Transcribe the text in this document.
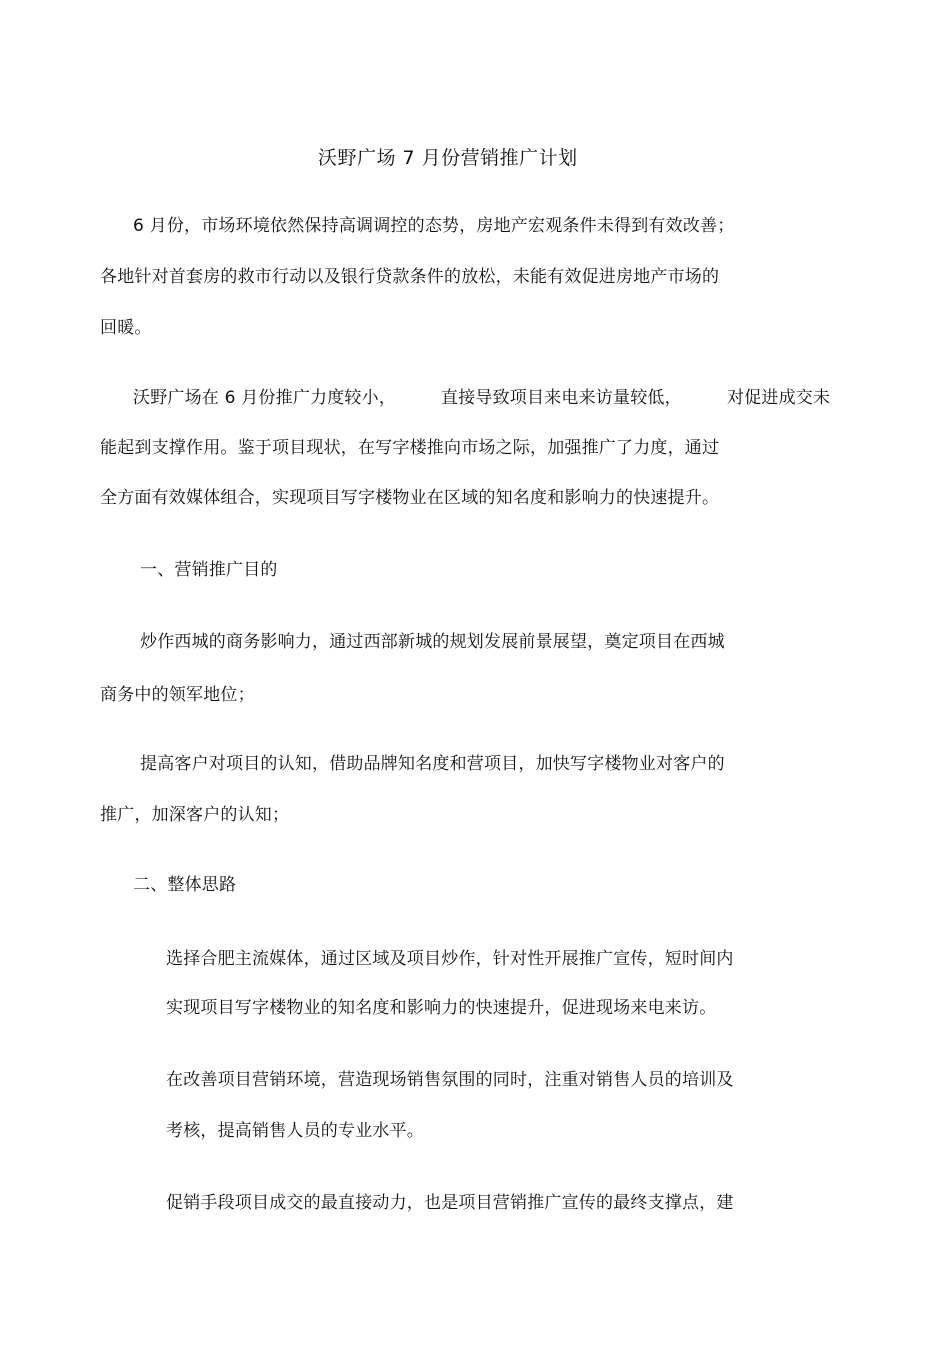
沃野广场 7 月份营销推广计划
6 月份，市场环境依然保持高调调控的态势，房地产宏观条件未得到有效改善；
各地针对首套房的救市行动以及银行贷款条件的放松，未能有效促进房地产市场的
回暖。
沃野广场在 6 月份推广力度较小，	直接导致项目来电来访量较低，	对促进成交未
能起到支撑作用。鉴于项目现状，在写字楼推向市场之际，加强推广了力度，通过
全方面有效媒体组合，实现项目写字楼物业在区域的知名度和影响力的快速提升。
一、营销推广目的
炒作西城的商务影响力，通过西部新城的规划发展前景展望，奠定项目在西城
商务中的领军地位；
提高客户对项目的认知，借助品牌知名度和营项目，加快写字楼物业对客户的
推广，加深客户的认知；
二、整体思路
选择合肥主流媒体，通过区域及项目炒作，针对性开展推广宣传，短时间内
实现项目写字楼物业的知名度和影响力的快速提升，促进现场来电来访。
在改善项目营销环境，营造现场销售氛围的同时，注重对销售人员的培训及
考核，提高销售人员的专业水平。
促销手段项目成交的最直接动力，也是项目营销推广宣传的最终支撑点，建
